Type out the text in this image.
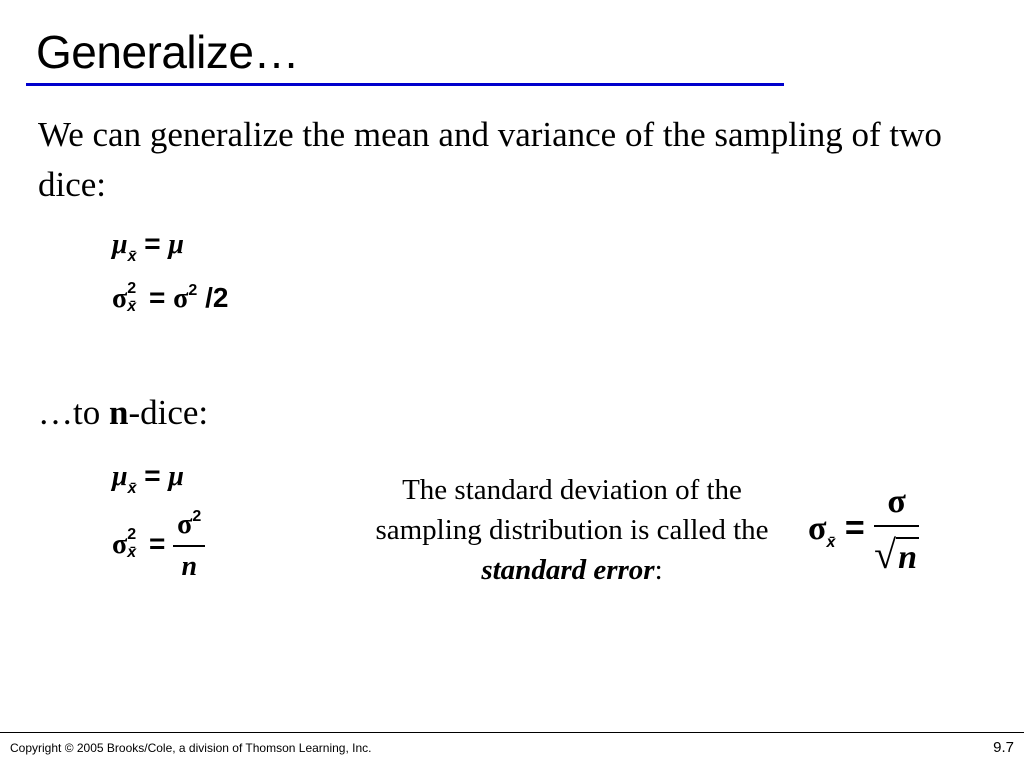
Generalize…
We can generalize the mean and variance of the sampling of two dice:
$\mu_{x̄} = \mu$
σ 2
x̄ = $\sigma^2$ /2
…to n-dice:
$\mu_{x̄} = \mu$
σ 2
x̄ = $\frac{\sigma^2}{n}$
The standard deviation of the sampling distribution is called the standard error:
$\sigma_{x̄} = \frac{\sigma}{√n}$
Copyright © 2005 Brooks/Cole, a division of Thomson Learning, Inc.	9.7
